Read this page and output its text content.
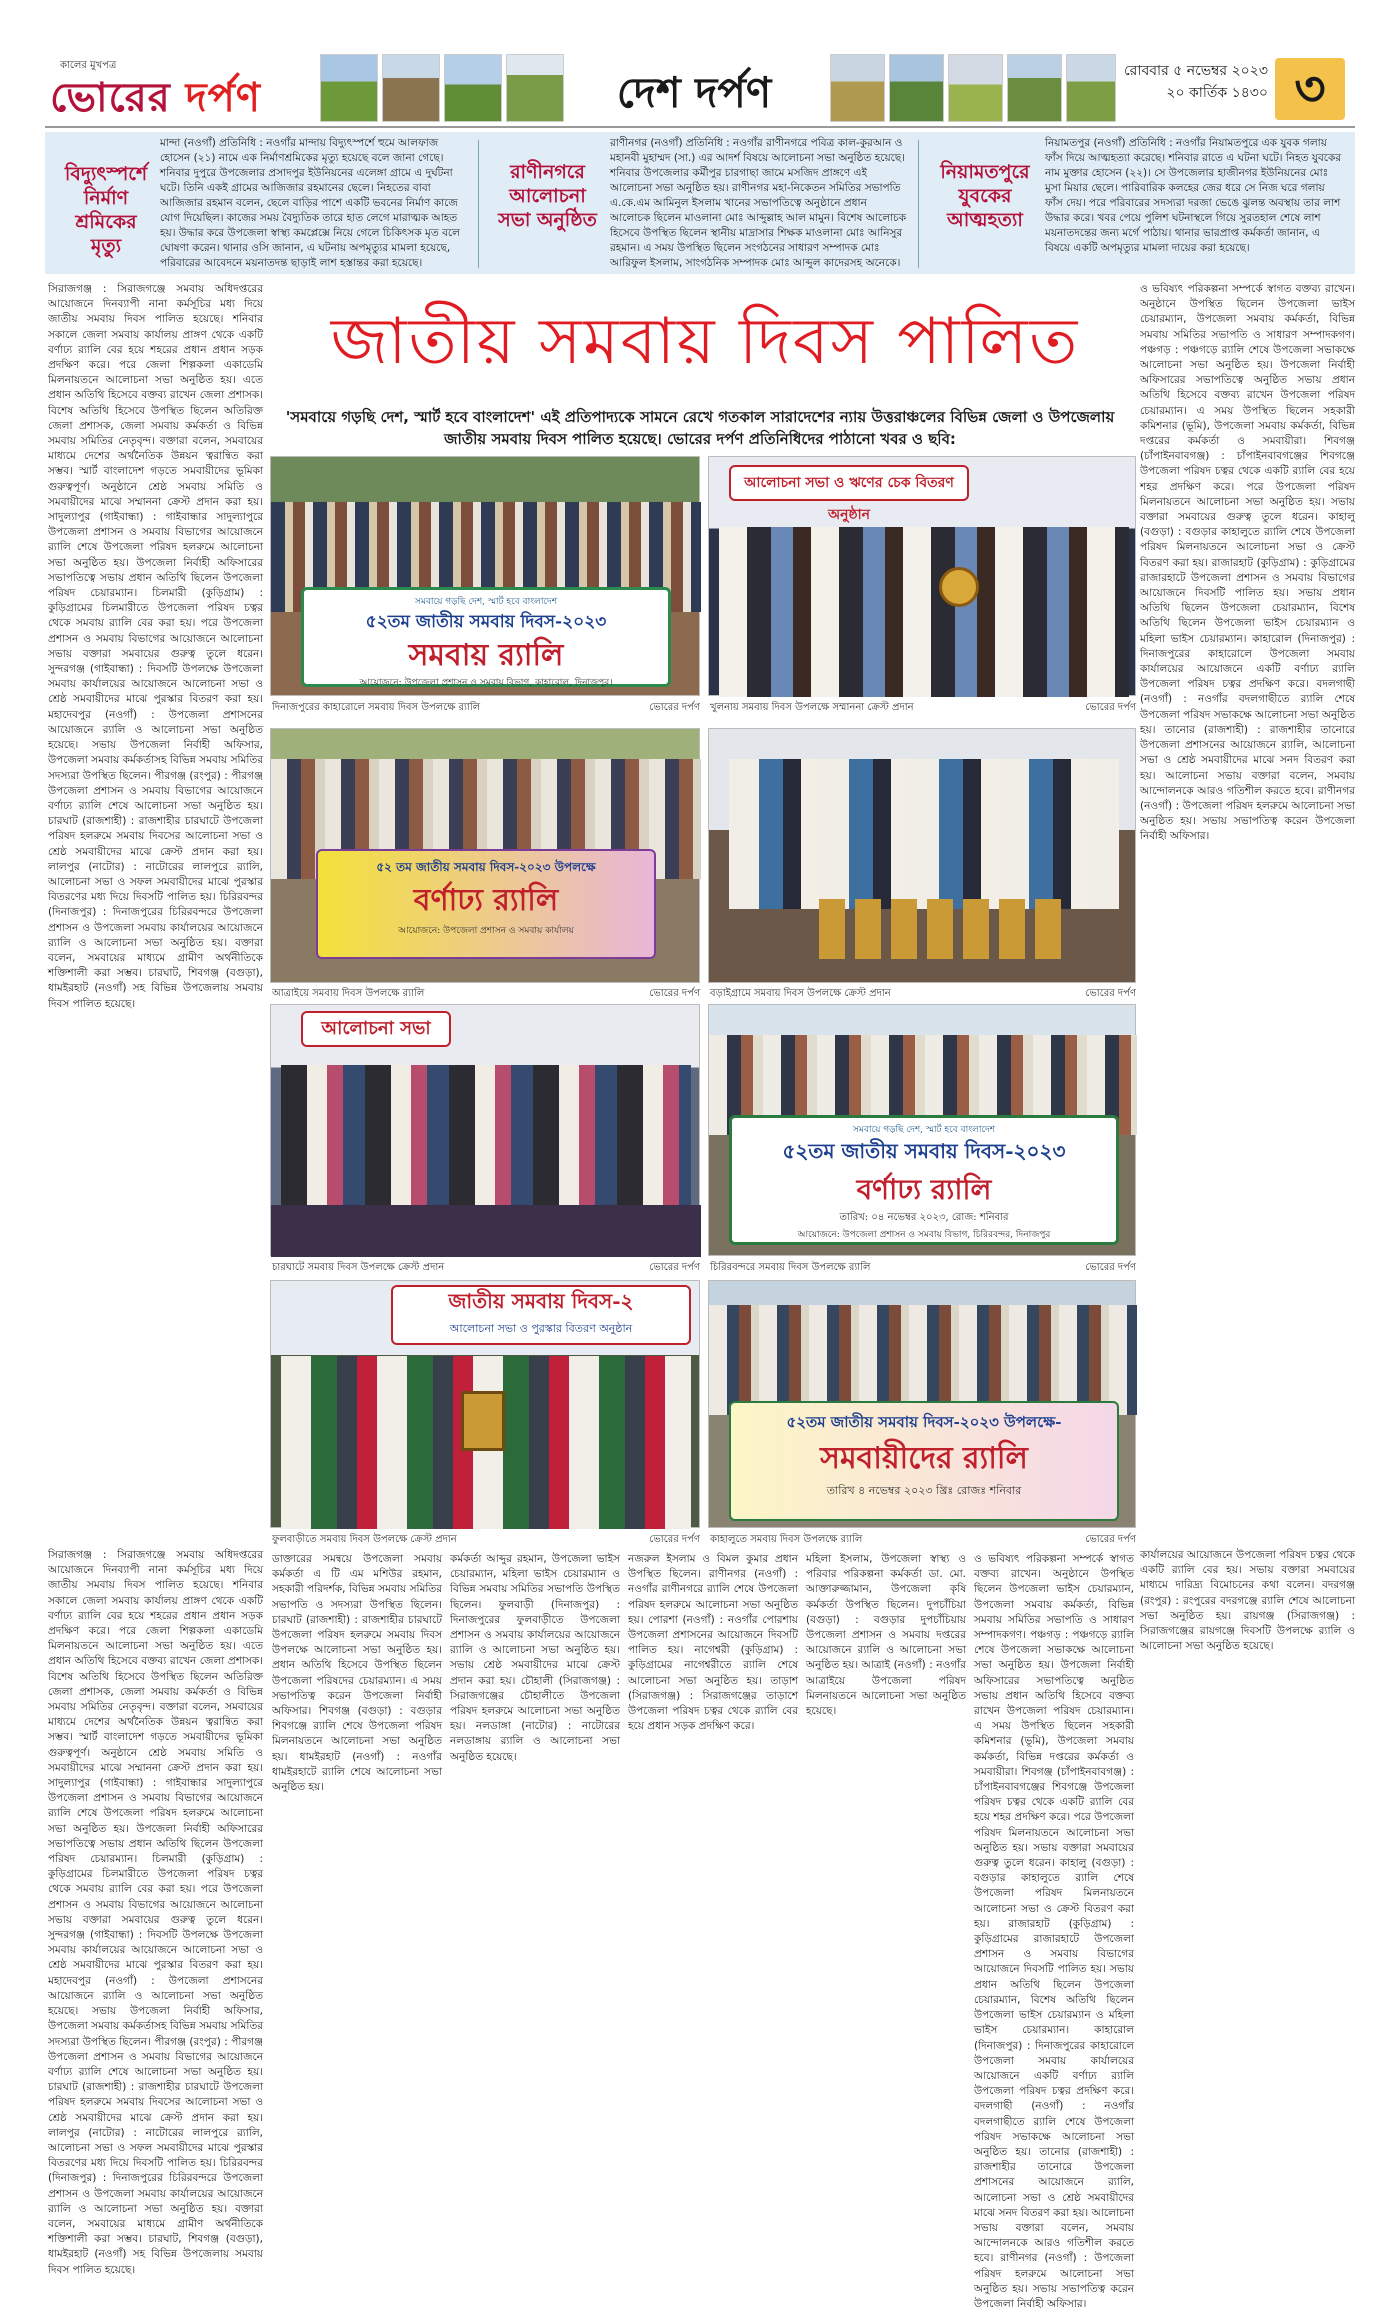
কালের মুখপত্র
ভোরের দর্পণ	দেশ দর্পণ	রোববার ৫ নভেম্বর ২০২৩
২০ কার্তিক ১৪৩০ ৩
বিদ্যুৎস্পর্শে নির্মাণ শ্রমিকের মৃত্যু
মান্দা (নওগাঁ) প্রতিনিধি : নওগাঁর মান্দায় বিদ্যুৎস্পর্শে হুমে আলফাজ হোসেন (২১) নামে এক নির্মাণশ্রমিকের মৃত্যু হয়েছে বলে জানা গেছে। শনিবার দুপুরে উপজেলার প্রসাদপুর ইউনিয়নের এলেঙ্গা গ্রামে এ দুর্ঘটনা ঘটে। তিনি একই গ্রামের আজিজার রহমানের ছেলে। নিহতের বাবা আজিজার রহমান বলেন, ছেলে বাড়ির পাশে একটি ভবনের নির্মাণ কাজে যোগ দিয়েছিল। কাজের সময় বৈদ্যুতিক তারে হাত লেগে মারাত্মক আহত হয়। উদ্ধার করে উপজেলা স্বাস্থ্য কমপ্লেক্সে নিয়ে গেলে চিকিৎসক মৃত বলে ঘোষণা করেন। থানার ওসি জানান, এ ঘটনায় অপমৃত্যুর মামলা হয়েছে, পরিবারের আবেদনে ময়নাতদন্ত ছাড়াই লাশ হস্তান্তর করা হয়েছে।
রাণীনগরে আলোচনা সভা অনুষ্ঠিত
রাণীনগর (নওগাঁ) প্রতিনিধি : নওগাঁর রাণীনগরে পবিত্র কাল-কুরআন ও মহানবী মুহাম্মদ (সা.) এর আদর্শ বিষয়ে আলোচনা সভা অনুষ্ঠিত হয়েছে। শনিবার উপজেলার কর্মীপুর চারগাছা জামে মসজিদ প্রাঙ্গণে এই আলোচনা সভা অনুষ্ঠিত হয়। রাণীনগর মহা-নিকেতন সমিতির সভাপতি এ.কে.এম আমিনুল ইসলাম খানের সভাপতিত্বে অনুষ্ঠানে প্রধান আলোচক ছিলেন মাওলানা মোঃ আব্দুল্লাহ আল মামুন। বিশেষ আলোচক হিসেবে উপস্থিত ছিলেন স্থানীয় মাদ্রাসার শিক্ষক মাওলানা মোঃ আনিসুর রহমান। এ সময় উপস্থিত ছিলেন সংগঠনের সাধারণ সম্পাদক মোঃ আরিফুল ইসলাম, সাংগঠনিক সম্পাদক মোঃ আব্দুল কাদেরসহ অনেকে।
নিয়ামতপুরে যুবকের আত্মহত্যা
নিয়ামতপুর (নওগাঁ) প্রতিনিধি : নওগাঁর নিয়ামতপুরে এক যুবক গলায় ফাঁস দিয়ে আত্মহত্যা করেছে। শনিবার রাতে এ ঘটনা ঘটে। নিহত যুবকের নাম মুক্তার হোসেন (২২)। সে উপজেলার হাজীনগর ইউনিয়নের মোঃ মুসা মিয়ার ছেলে। পারিবারিক কলহের জের ধরে সে নিজ ঘরে গলায় ফাঁস দেয়। পরে পরিবারের সদস্যরা দরজা ভেঙে ঝুলন্ত অবস্থায় তার লাশ উদ্ধার করে। খবর পেয়ে পুলিশ ঘটনাস্থলে গিয়ে সুরতহাল শেষে লাশ ময়নাতদন্তের জন্য মর্গে পাঠায়। থানার ভারপ্রাপ্ত কর্মকর্তা জানান, এ বিষয়ে একটি অপমৃত্যুর মামলা দায়ের করা হয়েছে।
জাতীয় সমবায় দিবস পালিত
'সমবায়ে গড়ছি দেশ, স্মার্ট হবে বাংলাদেশ' এই প্রতিপাদ্যকে সামনে রেখে গতকাল সারাদেশের ন্যায় উত্তরাঞ্চলের বিভিন্ন জেলা ও উপজেলায় জাতীয় সমবায় দিবস পালিত হয়েছে। ভোরের দর্পণ প্রতিনিধিদের পাঠানো খবর ও ছবি:
সিরাজগঞ্জ : সিরাজগঞ্জে সমবায় অধিদপ্তরের আয়োজনে দিনব্যাপী নানা কর্মসূচির মধ্য দিয়ে জাতীয় সমবায় দিবস পালিত হয়েছে। শনিবার সকালে জেলা সমবায় কার্যালয় প্রাঙ্গণ থেকে একটি বর্ণাঢ্য র‌্যালি বের হয়ে শহরের প্রধান প্রধান সড়ক প্রদক্ষিণ করে। পরে জেলা শিল্পকলা একাডেমি মিলনায়তনে আলোচনা সভা অনুষ্ঠিত হয়। এতে প্রধান অতিথি হিসেবে বক্তব্য রাখেন জেলা প্রশাসক। বিশেষ অতিথি হিসেবে উপস্থিত ছিলেন অতিরিক্ত জেলা প্রশাসক, জেলা সমবায় কর্মকর্তা ও বিভিন্ন সমবায় সমিতির নেতৃবৃন্দ। বক্তারা বলেন, সমবায়ের মাধ্যমে দেশের অর্থনৈতিক উন্নয়ন ত্বরান্বিত করা সম্ভব। স্মার্ট বাংলাদেশ গড়তে সমবায়ীদের ভূমিকা গুরুত্বপূর্ণ। অনুষ্ঠানে শ্রেষ্ঠ সমবায় সমিতি ও সমবায়ীদের মাঝে সম্মাননা ক্রেস্ট প্রদান করা হয়। সাদুল্যাপুর (গাইবান্ধা) : গাইবান্ধার সাদুল্যাপুরে উপজেলা প্রশাসন ও সমবায় বিভাগের আয়োজনে র‌্যালি শেষে উপজেলা পরিষদ হলরুমে আলোচনা সভা অনুষ্ঠিত হয়। উপজেলা নির্বাহী অফিসারের সভাপতিত্বে সভায় প্রধান অতিথি ছিলেন উপজেলা পরিষদ চেয়ারম্যান। চিলমারী (কুড়িগ্রাম) : কুড়িগ্রামের চিলমারীতে উপজেলা পরিষদ চত্বর থেকে সমবায় র‌্যালি বের করা হয়। পরে উপজেলা প্রশাসন ও সমবায় বিভাগের আয়োজনে আলোচনা সভায় বক্তারা সমবায়ের গুরুত্ব তুলে ধরেন। সুন্দরগঞ্জ (গাইবান্ধা) : দিবসটি উপলক্ষে উপজেলা সমবায় কার্যালয়ের আয়োজনে আলোচনা সভা ও শ্রেষ্ঠ সমবায়ীদের মাঝে পুরস্কার বিতরণ করা হয়। মহাদেবপুর (নওগাঁ) : উপজেলা প্রশাসনের আয়োজনে র‌্যালি ও আলোচনা সভা অনুষ্ঠিত হয়েছে। সভায় উপজেলা নির্বাহী অফিসার, উপজেলা সমবায় কর্মকর্তাসহ বিভিন্ন সমবায় সমিতির সদস্যরা উপস্থিত ছিলেন। পীরগঞ্জ (রংপুর) : পীরগঞ্জ উপজেলা প্রশাসন ও সমবায় বিভাগের আয়োজনে বর্ণাঢ্য র‌্যালি শেষে আলোচনা সভা অনুষ্ঠিত হয়। চারঘাট (রাজশাহী) : রাজশাহীর চারঘাটে উপজেলা পরিষদ হলরুমে সমবায় দিবসের আলোচনা সভা ও শ্রেষ্ঠ সমবায়ীদের মাঝে ক্রেস্ট প্রদান করা হয়। লালপুর (নাটোর) : নাটোরের লালপুরে র‌্যালি, আলোচনা সভা ও সফল সমবায়ীদের মাঝে পুরস্কার বিতরণের মধ্য দিয়ে দিবসটি পালিত হয়। চিরিরবন্দর (দিনাজপুর) : দিনাজপুরের চিরিরবন্দরে উপজেলা প্রশাসন ও উপজেলা সমবায় কার্যালয়ের আয়োজনে র‌্যালি ও আলোচনা সভা অনুষ্ঠিত হয়। বক্তারা বলেন, সমবায়ের মাধ্যমে গ্রামীণ অর্থনীতিকে শক্তিশালী করা সম্ভব। চারঘাট, শিবগঞ্জ (বগুড়া), ধামইরহাট (নওগাঁ) সহ বিভিন্ন উপজেলায় সমবায় দিবস পালিত হয়েছে।
ও ভবিষ্যৎ পরিকল্পনা সম্পর্কে স্বাগত বক্তব্য রাখেন। অনুষ্ঠানে উপস্থিত ছিলেন উপজেলা ভাইস চেয়ারম্যান, উপজেলা সমবায় কর্মকর্তা, বিভিন্ন সমবায় সমিতির সভাপতি ও সাধারণ সম্পাদকগণ। পঞ্চগড় : পঞ্চগড়ে র‌্যালি শেষে উপজেলা সভাকক্ষে আলোচনা সভা অনুষ্ঠিত হয়। উপজেলা নির্বাহী অফিসারের সভাপতিত্বে অনুষ্ঠিত সভায় প্রধান অতিথি হিসেবে বক্তব্য রাখেন উপজেলা পরিষদ চেয়ারম্যান। এ সময় উপস্থিত ছিলেন সহকারী কমিশনার (ভূমি), উপজেলা সমবায় কর্মকর্তা, বিভিন্ন দপ্তরের কর্মকর্তা ও সমবায়ীরা। শিবগঞ্জ (চাঁপাইনবাবগঞ্জ) : চাঁপাইনবাবগঞ্জের শিবগঞ্জে উপজেলা পরিষদ চত্বর থেকে একটি র‌্যালি বের হয়ে শহর প্রদক্ষিণ করে। পরে উপজেলা পরিষদ মিলনায়তনে আলোচনা সভা অনুষ্ঠিত হয়। সভায় বক্তারা সমবায়ের গুরুত্ব তুলে ধরেন। কাহালু (বগুড়া) : বগুড়ার কাহালুতে র‌্যালি শেষে উপজেলা পরিষদ মিলনায়তনে আলোচনা সভা ও ক্রেস্ট বিতরণ করা হয়। রাজারহাট (কুড়িগ্রাম) : কুড়িগ্রামের রাজারহাটে উপজেলা প্রশাসন ও সমবায় বিভাগের আয়োজনে দিবসটি পালিত হয়। সভায় প্রধান অতিথি ছিলেন উপজেলা চেয়ারম্যান, বিশেষ অতিথি ছিলেন উপজেলা ভাইস চেয়ারম্যান ও মহিলা ভাইস চেয়ারম্যান। কাহারোল (দিনাজপুর) : দিনাজপুরের কাহারোলে উপজেলা সমবায় কার্যালয়ের আয়োজনে একটি বর্ণাঢ্য র‌্যালি উপজেলা পরিষদ চত্বর প্রদক্ষিণ করে। বদলগাছী (নওগাঁ) : নওগাঁর বদলগাছীতে র‌্যালি শেষে উপজেলা পরিষদ সভাকক্ষে আলোচনা সভা অনুষ্ঠিত হয়। তানোর (রাজশাহী) : রাজশাহীর তানোরে উপজেলা প্রশাসনের আয়োজনে র‌্যালি, আলোচনা সভা ও শ্রেষ্ঠ সমবায়ীদের মাঝে সনদ বিতরণ করা হয়। আলোচনা সভায় বক্তারা বলেন, সমবায় আন্দোলনকে আরও গতিশীল করতে হবে। রাণীনগর (নওগাঁ) : উপজেলা পরিষদ হলরুমে আলোচনা সভা অনুষ্ঠিত হয়। সভায় সভাপতিত্ব করেন উপজেলা নির্বাহী অফিসার।
সমবায়ে গড়ছি দেশ, স্মার্ট হবে বাংলাদেশ
৫২তম জাতীয় সমবায় দিবস-২০২৩
সমবায় র‌্যালি
আয়োজনে: উপজেলা প্রশাসন ও সমবায় বিভাগ, কাহারোল, দিনাজপুর।
দিনাজপুরের কাহারোলে সমবায় দিবস উপলক্ষে র‌্যালি	ভোরের দর্পণ
আলোচনা সভা ও ঋণের চেক বিতরণ অনুষ্ঠান
খুলনায় সমবায় দিবস উপলক্ষে সম্মাননা ক্রেস্ট প্রদান	ভোরের দর্পণ
৫২ তম জাতীয় সমবায় দিবস-২০২৩ উপলক্ষে
বর্ণাঢ্য র‌্যালি
আয়োজনে: উপজেলা প্রশাসন ও সমবায় কার্যালয়
আত্রাইয়ে সমবায় দিবস উপলক্ষে র‌্যালি	ভোরের দর্পণ বড়াইগ্রামে সমবায় দিবস উপলক্ষে ক্রেস্ট প্রদান	ভোরের দর্পণ
আলোচনা সভা
চারঘাটে সমবায় দিবস উপলক্ষে ক্রেস্ট প্রদান	ভোরের দর্পণ
সমবায়ে গড়ছি দেশ, স্মার্ট হবে বাংলাদেশ
৫২তম জাতীয় সমবায় দিবস-২০২৩
বর্ণাঢ্য র‌্যালি
তারিখ: ০৪ নভেম্বর ২০২৩, রোজ: শনিবার
আয়োজনে: উপজেলা প্রশাসন ও সমবায় বিভাগ, চিরিরবন্দর, দিনাজপুর
চিরিরবন্দরে সমবায় দিবস উপলক্ষে র‌্যালি	ভোরের দর্পণ
জাতীয় সমবায় দিবস-২
আলোচনা সভা ও পুরস্কার বিতরণ অনুষ্ঠান
ফুলবাড়ীতে সমবায় দিবস উপলক্ষে ক্রেস্ট প্রদান	ভোরের দর্পণ
৫২তম জাতীয় সমবায় দিবস-২০২৩ উপলক্ষে-
সমবায়ীদের র‌্যালি
তারিখ ৪ নভেম্বর ২০২৩ খ্রিঃ রোজঃ শনিবার
কাহালুতে সমবায় দিবস উপলক্ষে র‌্যালি	ভোরের দর্পণ
সিরাজগঞ্জ : সিরাজগঞ্জে সমবায় অধিদপ্তরের আয়োজনে দিনব্যাপী নানা কর্মসূচির মধ্য দিয়ে জাতীয় সমবায় দিবস পালিত হয়েছে। শনিবার সকালে জেলা সমবায় কার্যালয় প্রাঙ্গণ থেকে একটি বর্ণাঢ্য র‌্যালি বের হয়ে শহরের প্রধান প্রধান সড়ক প্রদক্ষিণ করে। পরে জেলা শিল্পকলা একাডেমি মিলনায়তনে আলোচনা সভা অনুষ্ঠিত হয়। এতে প্রধান অতিথি হিসেবে বক্তব্য রাখেন জেলা প্রশাসক। বিশেষ অতিথি হিসেবে উপস্থিত ছিলেন অতিরিক্ত জেলা প্রশাসক, জেলা সমবায় কর্মকর্তা ও বিভিন্ন সমবায় সমিতির নেতৃবৃন্দ। বক্তারা বলেন, সমবায়ের মাধ্যমে দেশের অর্থনৈতিক উন্নয়ন ত্বরান্বিত করা সম্ভব। স্মার্ট বাংলাদেশ গড়তে সমবায়ীদের ভূমিকা গুরুত্বপূর্ণ। অনুষ্ঠানে শ্রেষ্ঠ সমবায় সমিতি ও সমবায়ীদের মাঝে সম্মাননা ক্রেস্ট প্রদান করা হয়। সাদুল্যাপুর (গাইবান্ধা) : গাইবান্ধার সাদুল্যাপুরে উপজেলা প্রশাসন ও সমবায় বিভাগের আয়োজনে র‌্যালি শেষে উপজেলা পরিষদ হলরুমে আলোচনা সভা অনুষ্ঠিত হয়। উপজেলা নির্বাহী অফিসারের সভাপতিত্বে সভায় প্রধান অতিথি ছিলেন উপজেলা পরিষদ চেয়ারম্যান। চিলমারী (কুড়িগ্রাম) : কুড়িগ্রামের চিলমারীতে উপজেলা পরিষদ চত্বর থেকে সমবায় র‌্যালি বের করা হয়। পরে উপজেলা প্রশাসন ও সমবায় বিভাগের আয়োজনে আলোচনা সভায় বক্তারা সমবায়ের গুরুত্ব তুলে ধরেন। সুন্দরগঞ্জ (গাইবান্ধা) : দিবসটি উপলক্ষে উপজেলা সমবায় কার্যালয়ের আয়োজনে আলোচনা সভা ও শ্রেষ্ঠ সমবায়ীদের মাঝে পুরস্কার বিতরণ করা হয়। মহাদেবপুর (নওগাঁ) : উপজেলা প্রশাসনের আয়োজনে র‌্যালি ও আলোচনা সভা অনুষ্ঠিত হয়েছে। সভায় উপজেলা নির্বাহী অফিসার, উপজেলা সমবায় কর্মকর্তাসহ বিভিন্ন সমবায় সমিতির সদস্যরা উপস্থিত ছিলেন। পীরগঞ্জ (রংপুর) : পীরগঞ্জ উপজেলা প্রশাসন ও সমবায় বিভাগের আয়োজনে বর্ণাঢ্য র‌্যালি শেষে আলোচনা সভা অনুষ্ঠিত হয়। চারঘাট (রাজশাহী) : রাজশাহীর চারঘাটে উপজেলা পরিষদ হলরুমে সমবায় দিবসের আলোচনা সভা ও শ্রেষ্ঠ সমবায়ীদের মাঝে ক্রেস্ট প্রদান করা হয়। লালপুর (নাটোর) : নাটোরের লালপুরে র‌্যালি, আলোচনা সভা ও সফল সমবায়ীদের মাঝে পুরস্কার বিতরণের মধ্য দিয়ে দিবসটি পালিত হয়। চিরিরবন্দর (দিনাজপুর) : দিনাজপুরের চিরিরবন্দরে উপজেলা প্রশাসন ও উপজেলা সমবায় কার্যালয়ের আয়োজনে র‌্যালি ও আলোচনা সভা অনুষ্ঠিত হয়। বক্তারা বলেন, সমবায়ের মাধ্যমে গ্রামীণ অর্থনীতিকে শক্তিশালী করা সম্ভব। চারঘাট, শিবগঞ্জ (বগুড়া), ধামইরহাট (নওগাঁ) সহ বিভিন্ন উপজেলায় সমবায় দিবস পালিত হয়েছে।
ডাক্তারের সমন্বয়ে উপজেলা সমবায় কর্মকর্তা এ টি এম মশিউর রহমান, সহকারী পরিদর্শক, বিভিন্ন সমবায় সমিতির সভাপতি ও সদস্যরা উপস্থিত ছিলেন। চারঘাট (রাজশাহী) : রাজশাহীর চারঘাটে উপজেলা পরিষদ হলরুমে সমবায় দিবস উপলক্ষে আলোচনা সভা অনুষ্ঠিত হয়। প্রধান অতিথি হিসেবে উপস্থিত ছিলেন উপজেলা পরিষদের চেয়ারম্যান। এ সময় সভাপতিত্ব করেন উপজেলা নির্বাহী অফিসার। শিবগঞ্জ (বগুড়া) : বগুড়ার শিবগঞ্জে র‌্যালি শেষে উপজেলা পরিষদ মিলনায়তনে আলোচনা সভা অনুষ্ঠিত হয়। ধামইরহাট (নওগাঁ) : নওগাঁর ধামইরহাটে র‌্যালি শেষে আলোচনা সভা অনুষ্ঠিত হয়।
কর্মকর্তা আব্দুর রহমান, উপজেলা ভাইস চেয়ারম্যান, মহিলা ভাইস চেয়ারম্যান ও বিভিন্ন সমবায় সমিতির সভাপতি উপস্থিত ছিলেন। ফুলবাড়ী (দিনাজপুর) : দিনাজপুরের ফুলবাড়ীতে উপজেলা প্রশাসন ও সমবায় কার্যালয়ের আয়োজনে র‌্যালি ও আলোচনা সভা অনুষ্ঠিত হয়। সভায় শ্রেষ্ঠ সমবায়ীদের মাঝে ক্রেস্ট প্রদান করা হয়। চৌহালী (সিরাজগঞ্জ) : সিরাজগঞ্জের চৌহালীতে উপজেলা পরিষদ হলরুমে আলোচনা সভা অনুষ্ঠিত হয়। নলডাঙ্গা (নাটোর) : নাটোরের নলডাঙ্গায় র‌্যালি ও আলোচনা সভা অনুষ্ঠিত হয়েছে।
নজরুল ইসলাম ও বিমল কুমার প্রধান উপস্থিত ছিলেন। রাণীনগর (নওগাঁ) : নওগাঁর রাণীনগরে র‌্যালি শেষে উপজেলা পরিষদ হলরুমে আলোচনা সভা অনুষ্ঠিত হয়। পোরশা (নওগাঁ) : নওগাঁর পোরশায় উপজেলা প্রশাসনের আয়োজনে দিবসটি পালিত হয়। নাগেশ্বরী (কুড়িগ্রাম) : কুড়িগ্রামের নাগেশ্বরীতে র‌্যালি শেষে আলোচনা সভা অনুষ্ঠিত হয়। তাড়াশ (সিরাজগঞ্জ) : সিরাজগঞ্জের তাড়াশে উপজেলা পরিষদ চত্বর থেকে র‌্যালি বের হয়ে প্রধান সড়ক প্রদক্ষিণ করে।
মহিলা ইসলাম, উপজেলা স্বাস্থ্য ও পরিবার পরিকল্পনা কর্মকর্তা ডা. মো. আক্তারুজ্জামান, উপজেলা কৃষি কর্মকর্তা উপস্থিত ছিলেন। দুপচাঁচিয়া (বগুড়া) : বগুড়ার দুপচাঁচিয়ায় উপজেলা প্রশাসন ও সমবায় দপ্তরের আয়োজনে র‌্যালি ও আলোচনা সভা অনুষ্ঠিত হয়। আত্রাই (নওগাঁ) : নওগাঁর আত্রাইয়ে উপজেলা পরিষদ মিলনায়তনে আলোচনা সভা অনুষ্ঠিত হয়েছে।
ও ভবিষ্যৎ পরিকল্পনা সম্পর্কে স্বাগত বক্তব্য রাখেন। অনুষ্ঠানে উপস্থিত ছিলেন উপজেলা ভাইস চেয়ারম্যান, উপজেলা সমবায় কর্মকর্তা, বিভিন্ন সমবায় সমিতির সভাপতি ও সাধারণ সম্পাদকগণ। পঞ্চগড় : পঞ্চগড়ে র‌্যালি শেষে উপজেলা সভাকক্ষে আলোচনা সভা অনুষ্ঠিত হয়। উপজেলা নির্বাহী অফিসারের সভাপতিত্বে অনুষ্ঠিত সভায় প্রধান অতিথি হিসেবে বক্তব্য রাখেন উপজেলা পরিষদ চেয়ারম্যান। এ সময় উপস্থিত ছিলেন সহকারী কমিশনার (ভূমি), উপজেলা সমবায় কর্মকর্তা, বিভিন্ন দপ্তরের কর্মকর্তা ও সমবায়ীরা। শিবগঞ্জ (চাঁপাইনবাবগঞ্জ) : চাঁপাইনবাবগঞ্জের শিবগঞ্জে উপজেলা পরিষদ চত্বর থেকে একটি র‌্যালি বের হয়ে শহর প্রদক্ষিণ করে। পরে উপজেলা পরিষদ মিলনায়তনে আলোচনা সভা অনুষ্ঠিত হয়। সভায় বক্তারা সমবায়ের গুরুত্ব তুলে ধরেন। কাহালু (বগুড়া) : বগুড়ার কাহালুতে র‌্যালি শেষে উপজেলা পরিষদ মিলনায়তনে আলোচনা সভা ও ক্রেস্ট বিতরণ করা হয়। রাজারহাট (কুড়িগ্রাম) : কুড়িগ্রামের রাজারহাটে উপজেলা প্রশাসন ও সমবায় বিভাগের আয়োজনে দিবসটি পালিত হয়। সভায় প্রধান অতিথি ছিলেন উপজেলা চেয়ারম্যান, বিশেষ অতিথি ছিলেন উপজেলা ভাইস চেয়ারম্যান ও মহিলা ভাইস চেয়ারম্যান। কাহারোল (দিনাজপুর) : দিনাজপুরের কাহারোলে উপজেলা সমবায় কার্যালয়ের আয়োজনে একটি বর্ণাঢ্য র‌্যালি উপজেলা পরিষদ চত্বর প্রদক্ষিণ করে। বদলগাছী (নওগাঁ) : নওগাঁর বদলগাছীতে র‌্যালি শেষে উপজেলা পরিষদ সভাকক্ষে আলোচনা সভা অনুষ্ঠিত হয়। তানোর (রাজশাহী) : রাজশাহীর তানোরে উপজেলা প্রশাসনের আয়োজনে র‌্যালি, আলোচনা সভা ও শ্রেষ্ঠ সমবায়ীদের মাঝে সনদ বিতরণ করা হয়। আলোচনা সভায় বক্তারা বলেন, সমবায় আন্দোলনকে আরও গতিশীল করতে হবে। রাণীনগর (নওগাঁ) : উপজেলা পরিষদ হলরুমে আলোচনা সভা অনুষ্ঠিত হয়। সভায় সভাপতিত্ব করেন উপজেলা নির্বাহী অফিসার।
কার্যালয়ের আয়োজনে উপজেলা পরিষদ চত্বর থেকে একটি র‌্যালি বের হয়। সভায় বক্তারা সমবায়ের মাধ্যমে দারিদ্র্য বিমোচনের কথা বলেন। বদরগঞ্জ (রংপুর) : রংপুরের বদরগঞ্জে র‌্যালি শেষে আলোচনা সভা অনুষ্ঠিত হয়। রায়গঞ্জ (সিরাজগঞ্জ) : সিরাজগঞ্জের রায়গঞ্জে দিবসটি উপলক্ষে র‌্যালি ও আলোচনা সভা অনুষ্ঠিত হয়েছে।
